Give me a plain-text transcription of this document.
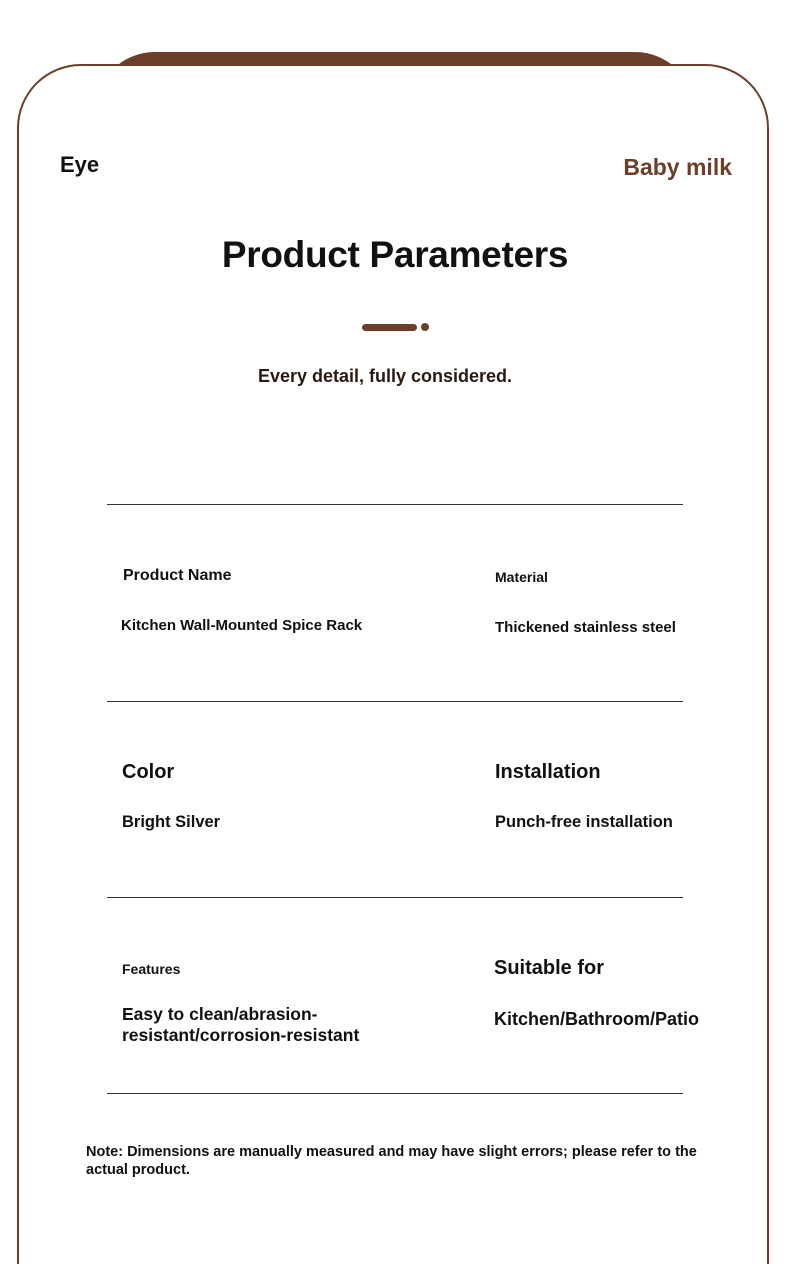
Eye	Baby milk
Product Parameters
Every detail, fully considered.
Product Name
Kitchen Wall-Mounted Spice Rack
Material
Thickened stainless steel
Color
Bright Silver
Installation
Punch-free installation
Features
Easy to clean/abrasion-
resistant/corrosion-resistant
Suitable for
Kitchen/Bathroom/Patio
Note: Dimensions are manually measured and may have slight errors; please refer to the actual product.
